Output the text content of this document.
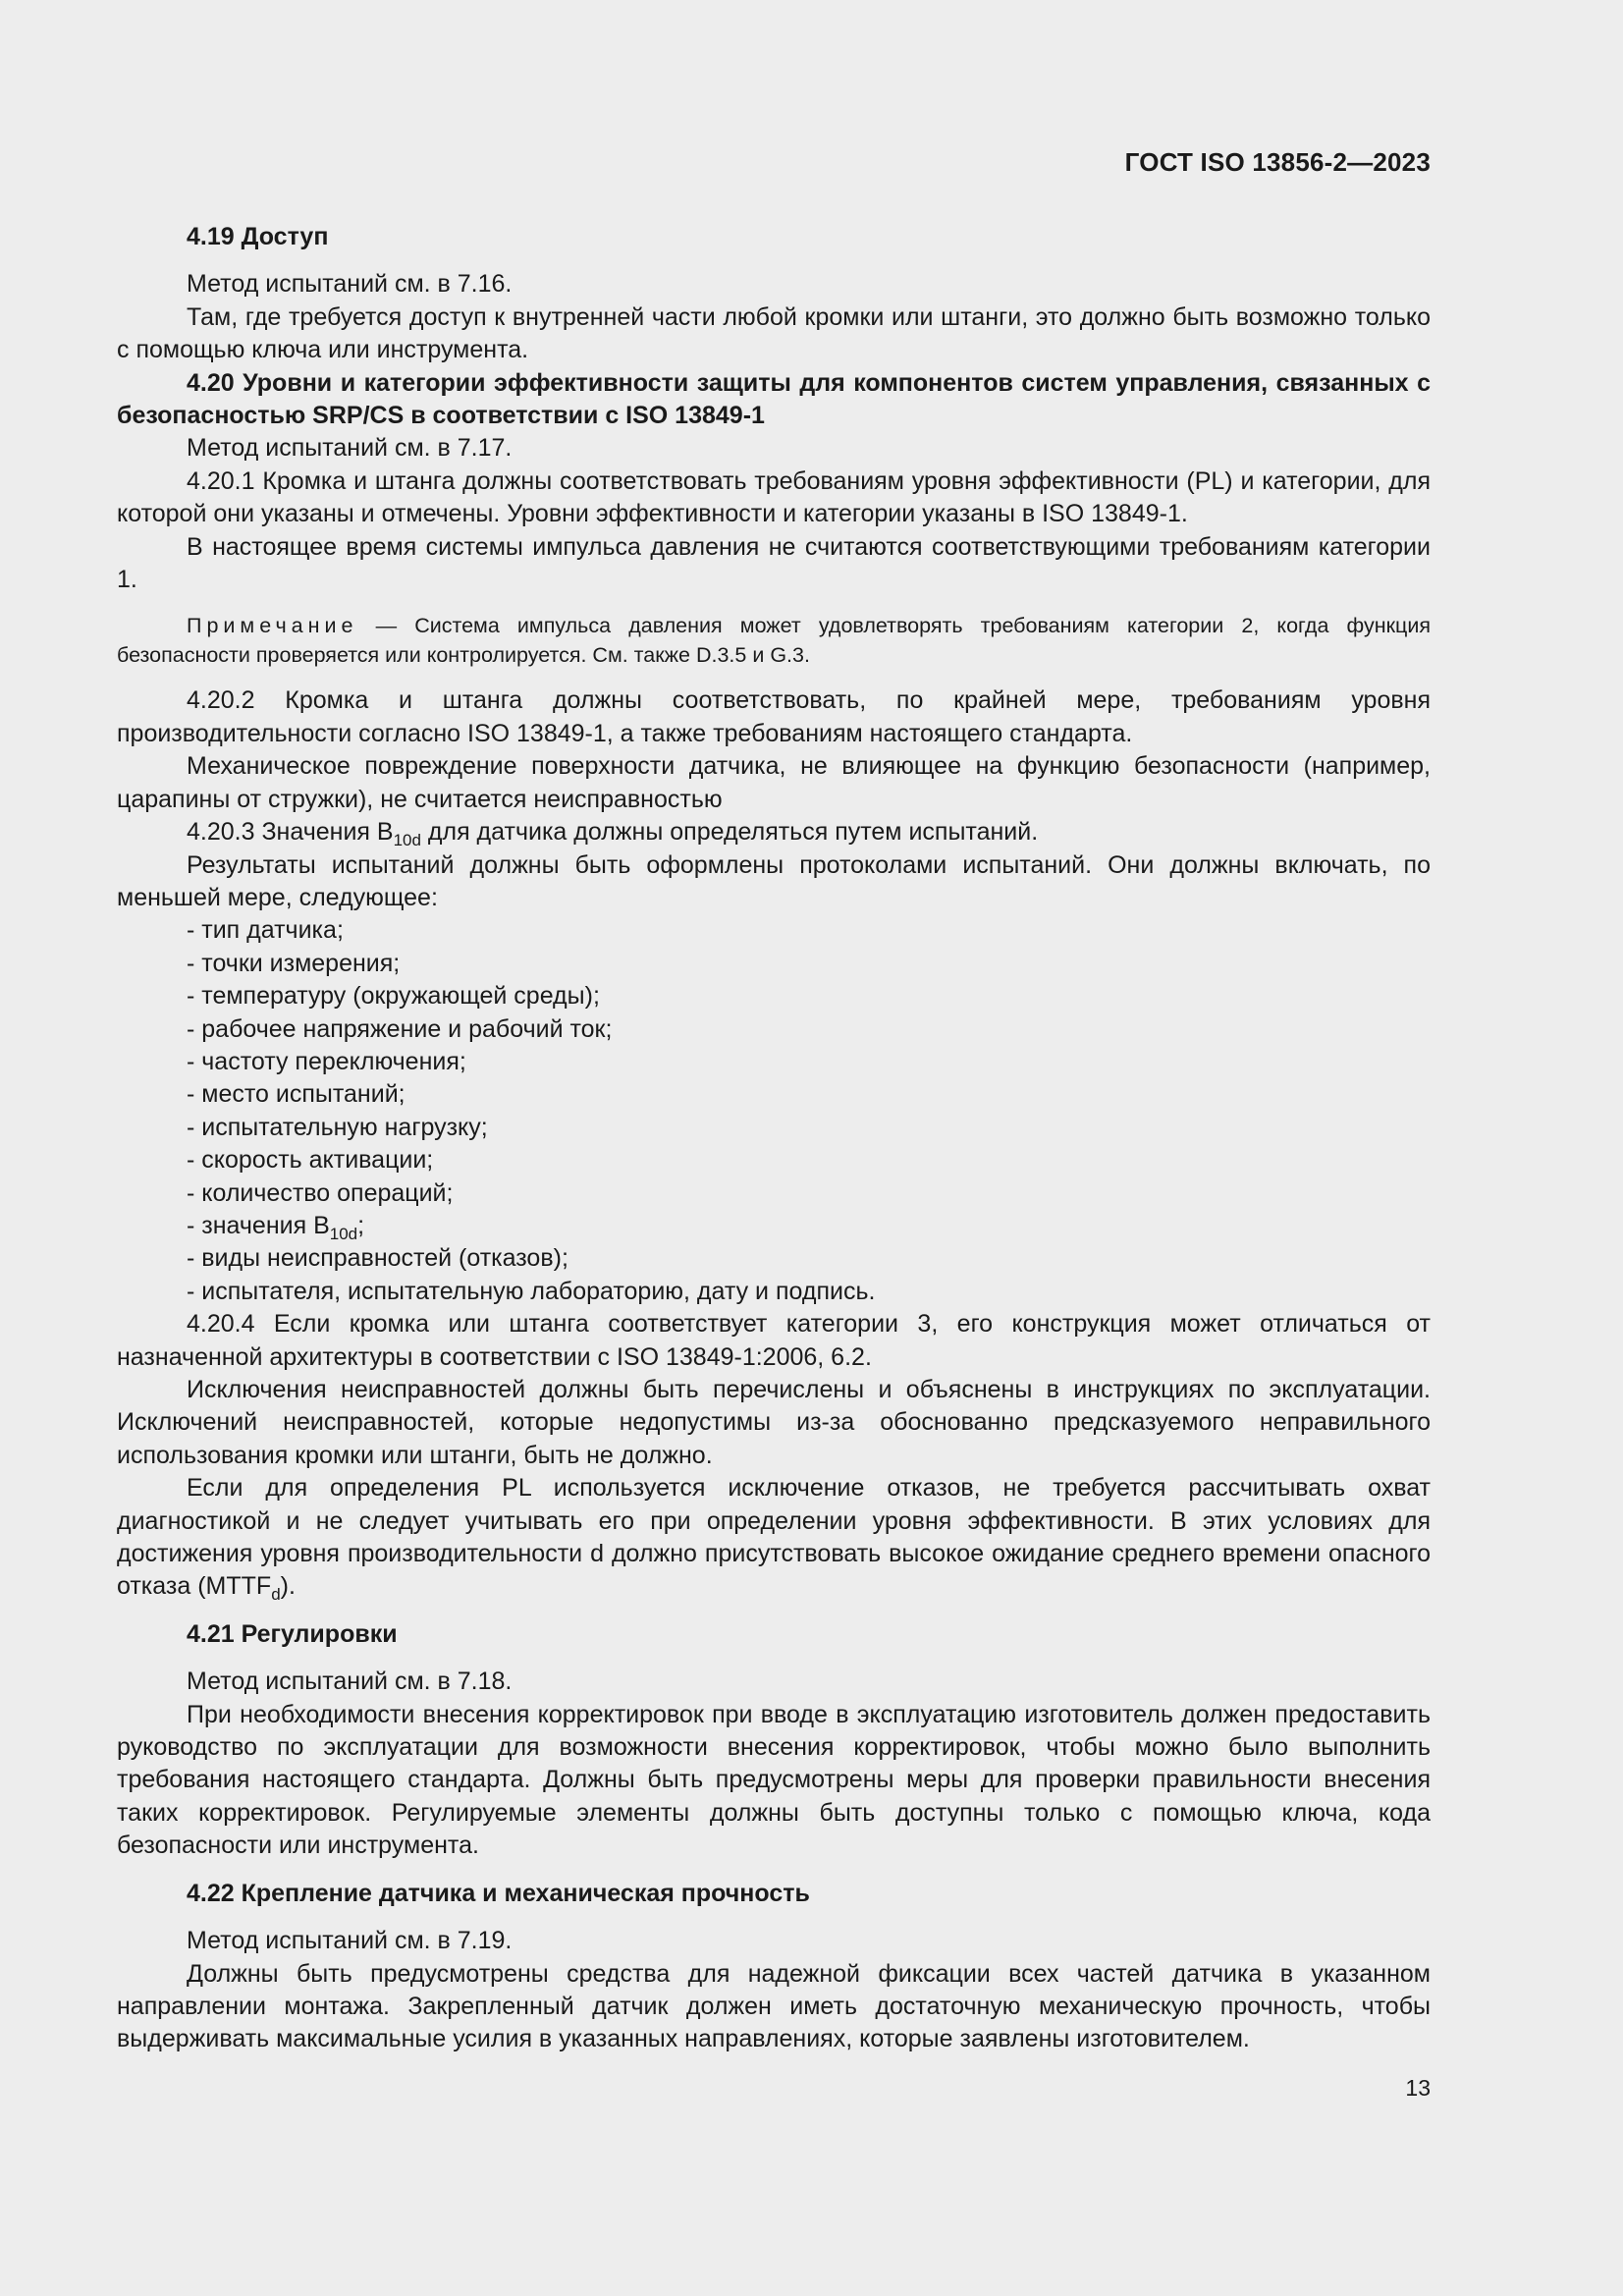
ГОСТ ISO 13856-2—2023
4.19 Доступ

Метод испытаний см. в 7.16.

Там, где требуется доступ к внутренней части любой кромки или штанги, это должно быть возможно только с помощью ключа или инструмента.

4.20 Уровни и категории эффективности защиты для компонентов систем управления, связанных с безопасностью SRP/CS в соответствии с ISO 13849-1

Метод испытаний см. в 7.17.

4.20.1 Кромка и штанга должны соответствовать требованиям уровня эффективности (PL) и категории, для которой они указаны и отмечены. Уровни эффективности и категории указаны в ISO 13849-1.

В настоящее время системы импульса давления не считаются соответствующими требованиям категории 1.

Примечание — Система импульса давления может удовлетворять требованиям категории 2, когда функция безопасности проверяется или контролируется. См. также D.3.5 и G.3.

4.20.2 Кромка и штанга должны соответствовать, по крайней мере, требованиям уровня производительности согласно ISO 13849-1, а также требованиям настоящего стандарта.

Механическое повреждение поверхности датчика, не влияющее на функцию безопасности (например, царапины от стружки), не считается неисправностью

4.20.3 Значения $B_{10d}$ для датчика должны определяться путем испытаний.

Результаты испытаний должны быть оформлены протоколами испытаний. Они должны включать, по меньшей мере, следующее:

- тип датчика;
- точки измерения;
- температуру (окружающей среды);
- рабочее напряжение и рабочий ток;
- частоту переключения;
- место испытаний;
- испытательную нагрузку;
- скорость активации;
- количество операций;
- значения $B_{10d}$;
- виды неисправностей (отказов);
- испытателя, испытательную лабораторию, дату и подпись.

4.20.4 Если кромка или штанга соответствует категории 3, его конструкция может отличаться от назначенной архитектуры в соответствии с ISO 13849-1:2006, 6.2.

Исключения неисправностей должны быть перечислены и объяснены в инструкциях по эксплуатации. Исключений неисправностей, которые недопустимы из-за обоснованно предсказуемого неправильного использования кромки или штанги, быть не должно.

Если для определения PL используется исключение отказов, не требуется рассчитывать охват диагностикой и не следует учитывать его при определении уровня эффективности. В этих условиях для достижения уровня производительности d должно присутствовать высокое ожидание среднего времени опасного отказа $(MTTF_d)$.

4.21 Регулировки

Метод испытаний см. в 7.18.

При необходимости внесения корректировок при вводе в эксплуатацию изготовитель должен предоставить руководство по эксплуатации для возможности внесения корректировок, чтобы можно было выполнить требования настоящего стандарта. Должны быть предусмотрены меры для проверки правильности внесения таких корректировок. Регулируемые элементы должны быть доступны только с помощью ключа, кода безопасности или инструмента.

4.22 Крепление датчика и механическая прочность

Метод испытаний см. в 7.19.

Должны быть предусмотрены средства для надежной фиксации всех частей датчика в указанном направлении монтажа. Закрепленный датчик должен иметь достаточную механическую прочность, чтобы выдерживать максимальные усилия в указанных направлениях, которые заявлены изготовителем.

13
